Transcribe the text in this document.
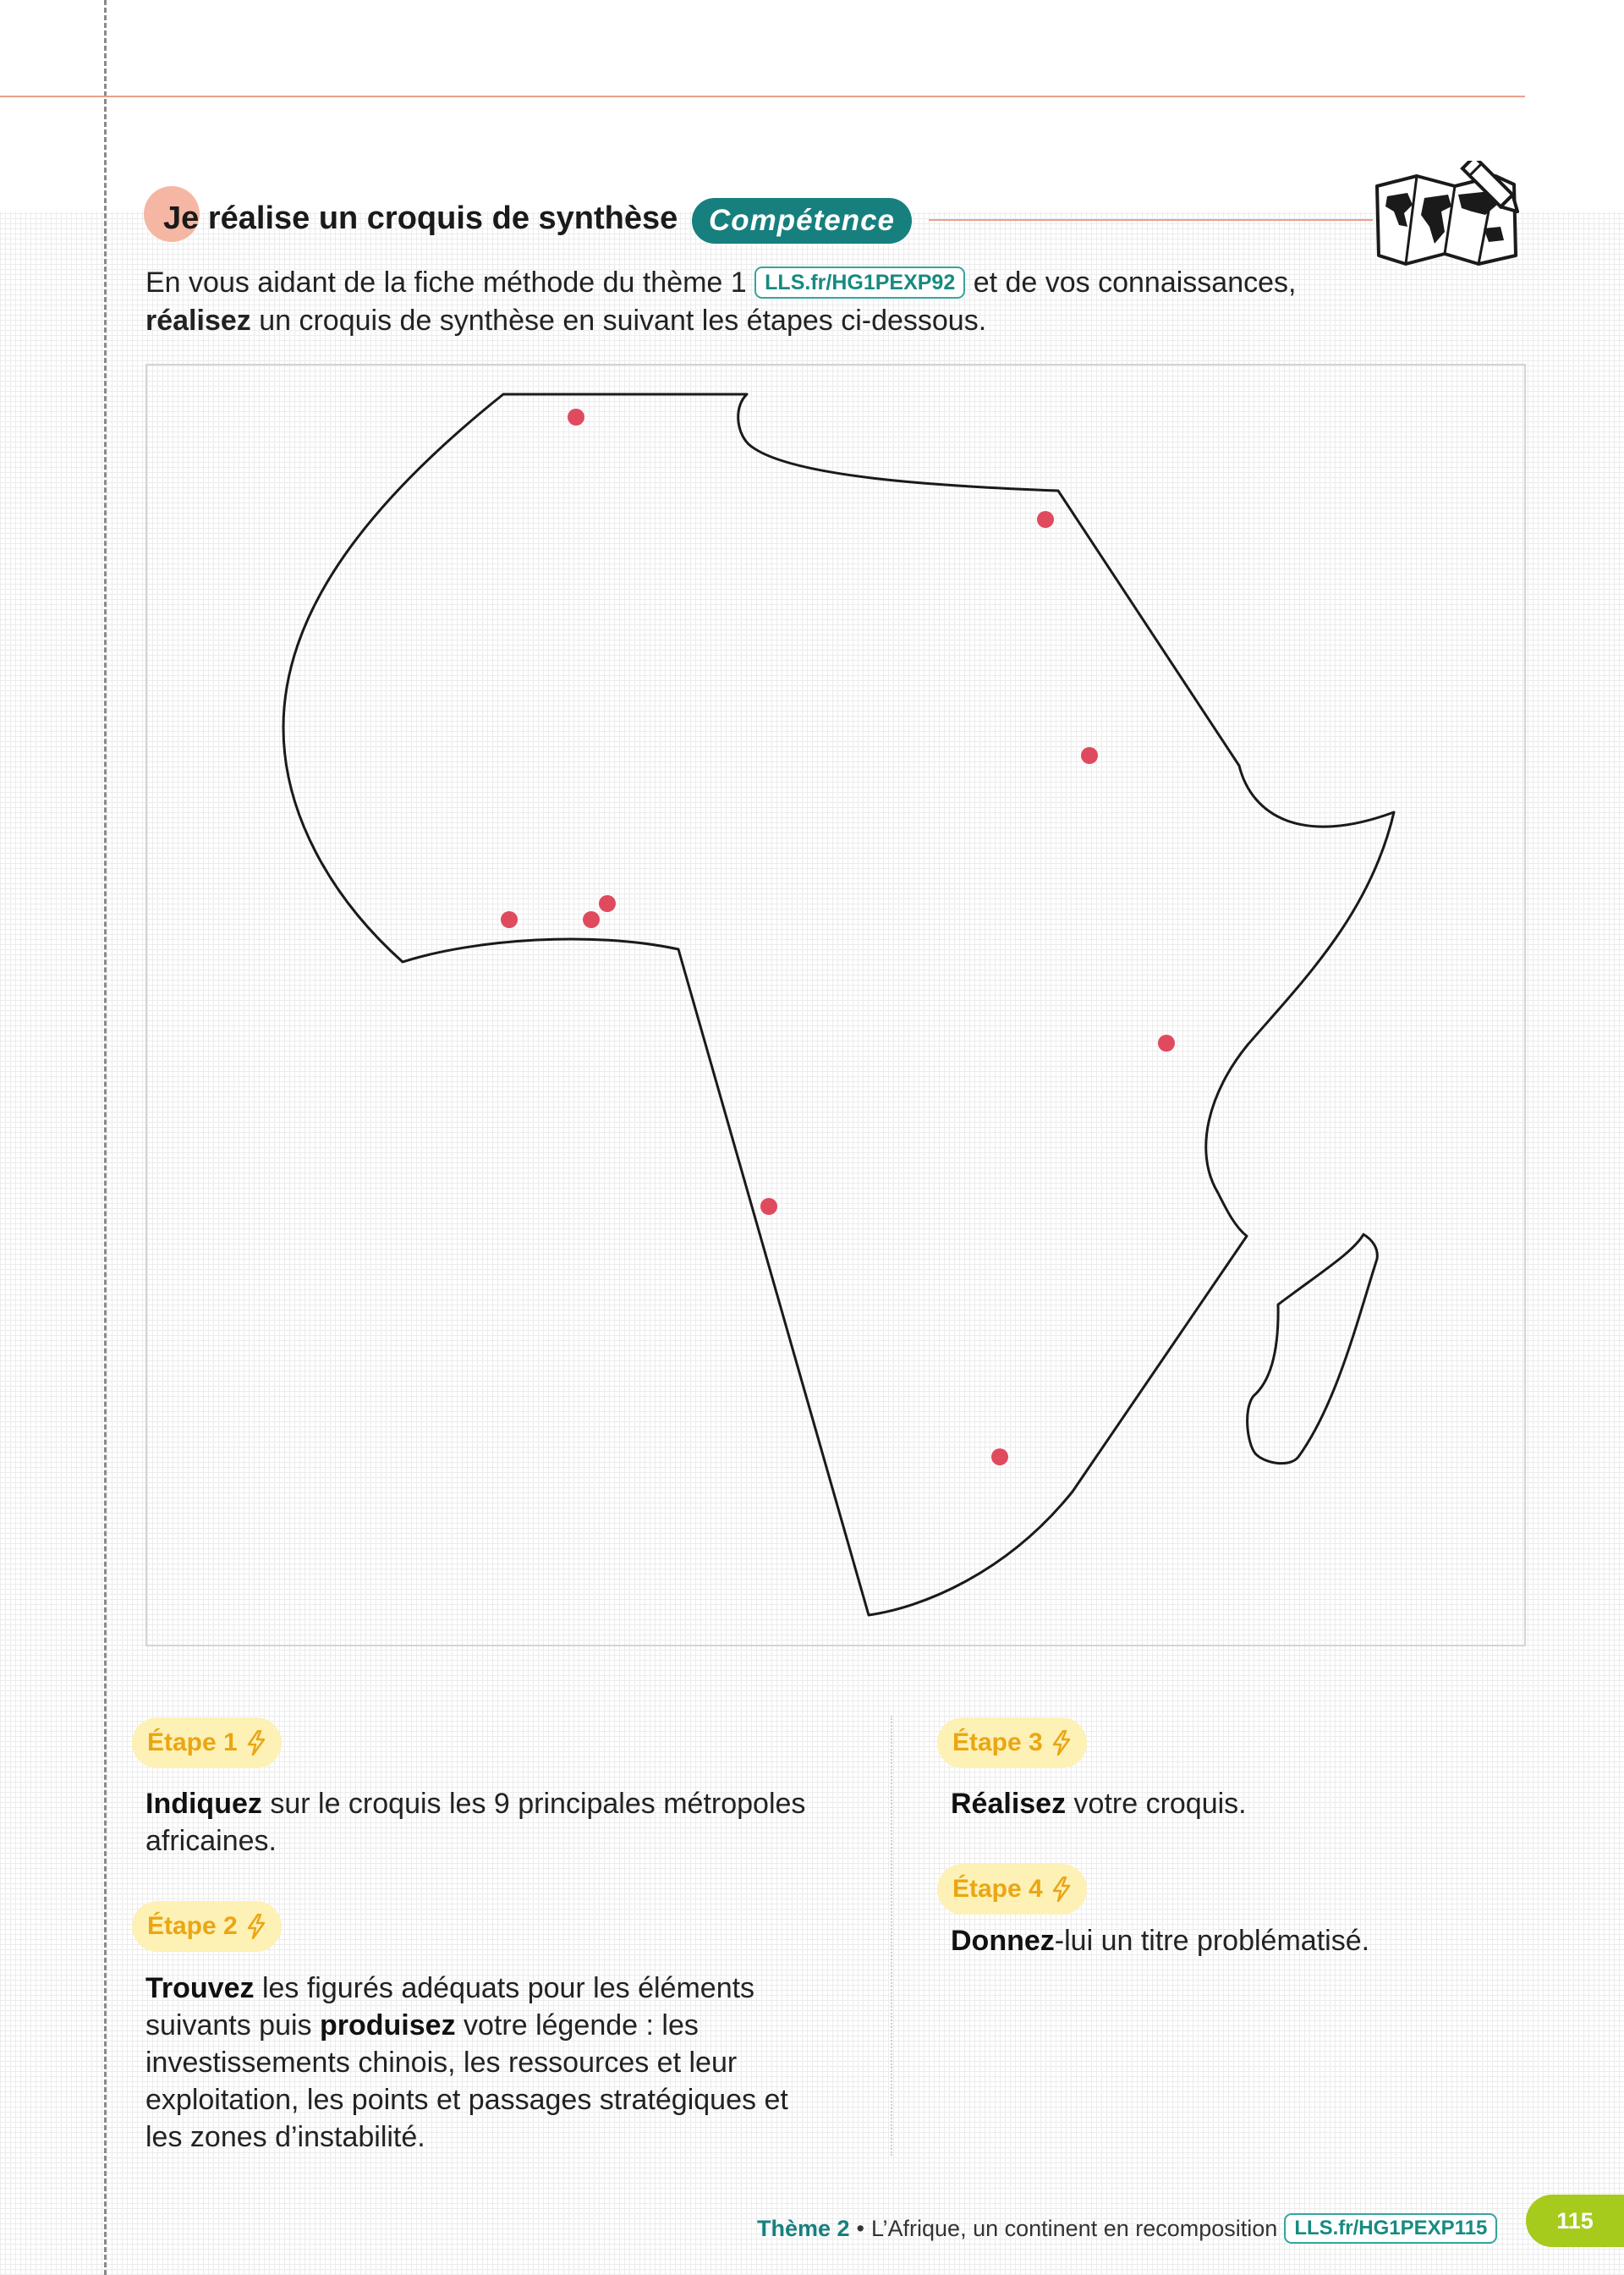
Je réalise un croquis de synthèse	Compétence
En vous aidant de la fiche méthode du thème 1 LLS.fr/HG1PEXP92 et de vos connaissances,
réalisez un croquis de synthèse en suivant les étapes ci-dessous.
Étape 1
Indiquez sur le croquis les 9 principales métropoles africaines.
Étape 2
Trouvez les figurés adéquats pour les éléments suivants puis produisez votre légende : les investissements chinois, les ressources et leur exploitation, les points et passages stratégiques et les zones d’instabilité.
Étape 3
Réalisez votre croquis.
Étape 4
Donnez-lui un titre problématisé.
Thème 2 • L’Afrique, un continent en recomposition LLS.fr/HG1PEXP115	115
